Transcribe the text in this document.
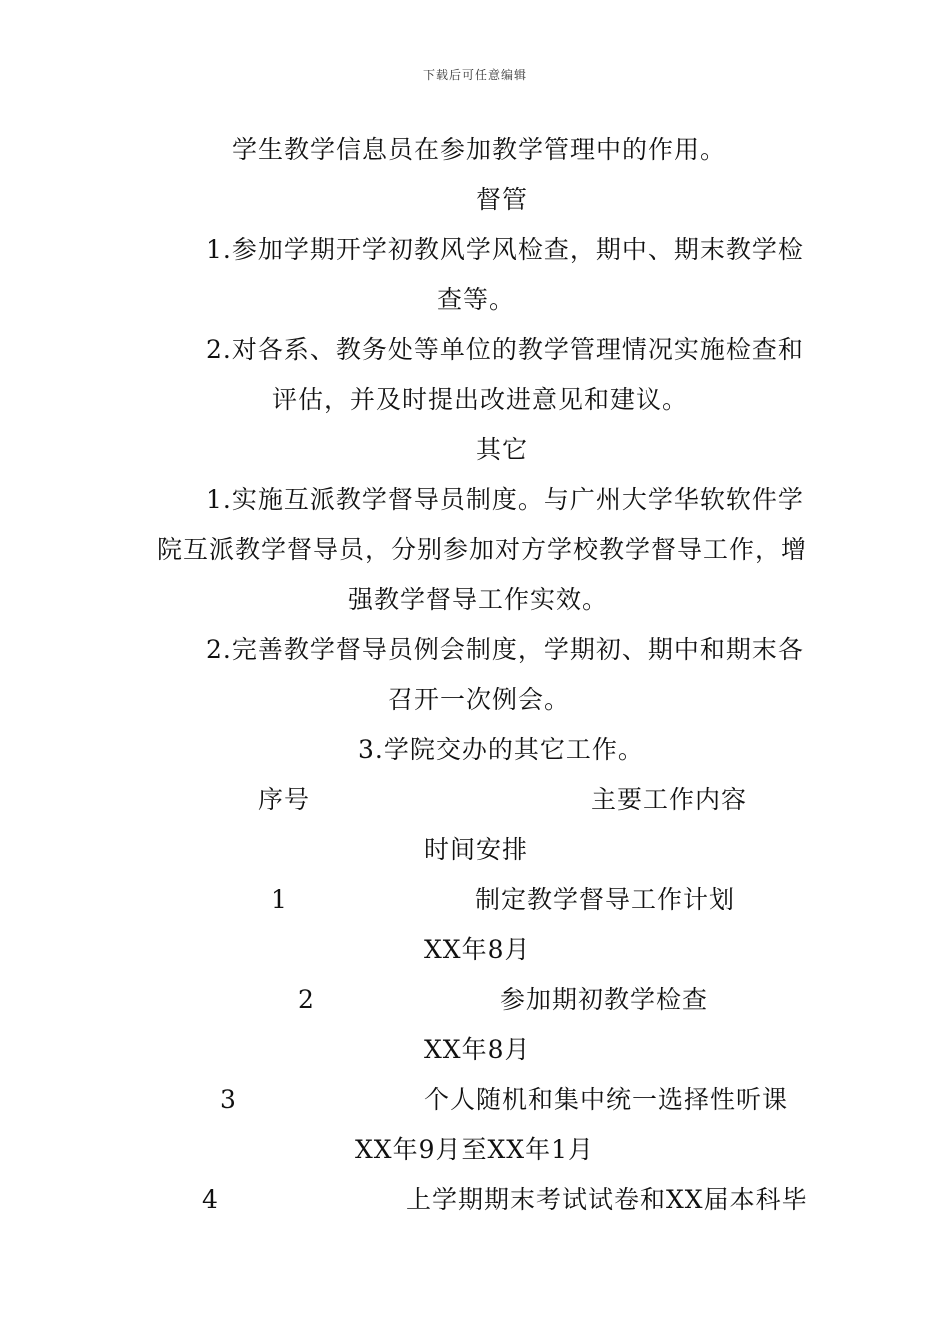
下载后可任意编辑
学生教学信息员在参加教学管理中的作用。
督管
1.参加学期开学初教风学风检查，期中、期末教学检
查等。
2.对各系、教务处等单位的教学管理情况实施检查和
评估，并及时提出改进意见和建议。
其它
1.实施互派教学督导员制度。与广州大学华软软件学
院互派教学督导员，分别参加对方学校教学督导工作，增
强教学督导工作实效。
2.完善教学督导员例会制度，学期初、期中和期末各
召开一次例会。
3.学院交办的其它工作。
序号	主要工作内容
时间安排
1	制定教学督导工作计划
XX年8月
2	参加期初教学检查
XX年8月
3	个人随机和集中统一选择性听课
XX年9月至XX年1月
4	上学期期末考试试卷和XX届本科毕
